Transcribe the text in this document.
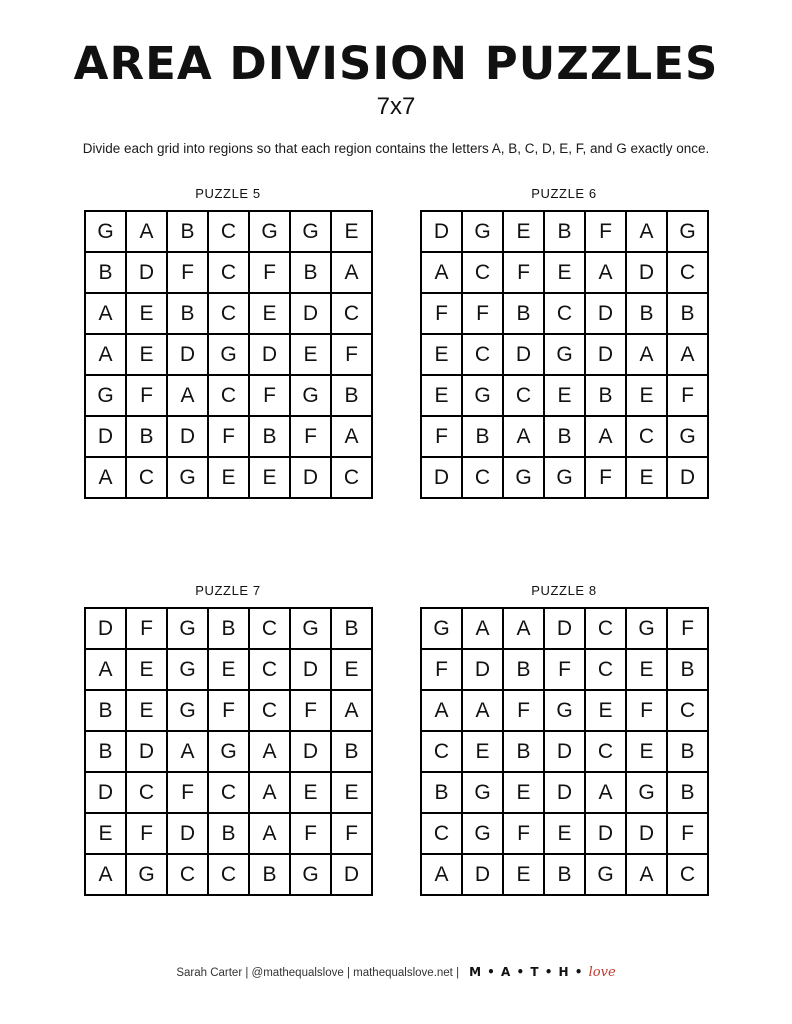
AREA DIVISION PUZZLES
7x7
Divide each grid into regions so that each region contains the letters A, B, C, D, E, F, and G exactly once.
PUZZLE 5
G	A	B	C	G	G	E
B	D	F	C	F	B	A
A	E	B	C	E	D	C
A	E	D	G	D	E	F
G	F	A	C	F	G	B
D	B	D	F	B	F	A
A	C	G	E	E	D	C
PUZZLE 6
D	G	E	B	F	A	G
A	C	F	E	A	D	C
F	F	B	C	D	B	B
E	C	D	G	D	A	A
E	G	C	E	B	E	F
F	B	A	B	A	C	G
D	C	G	G	F	E	D
PUZZLE 7
D	F	G	B	C	G	B
A	E	G	E	C	D	E
B	E	G	F	C	F	A
B	D	A	G	A	D	B
D	C	F	C	A	E	E
E	F	D	B	A	F	F
A	G	C	C	B	G	D
PUZZLE 8
G	A	A	D	C	G	F
F	D	B	F	C	E	B
A	A	F	G	E	F	C
C	E	B	D	C	E	B
B	G	E	D	A	G	B
C	G	F	E	D	D	F
A	D	E	B	G	A	C
Sarah Carter | @mathequalslove | mathequalslove.net | M • A • T • H • love
